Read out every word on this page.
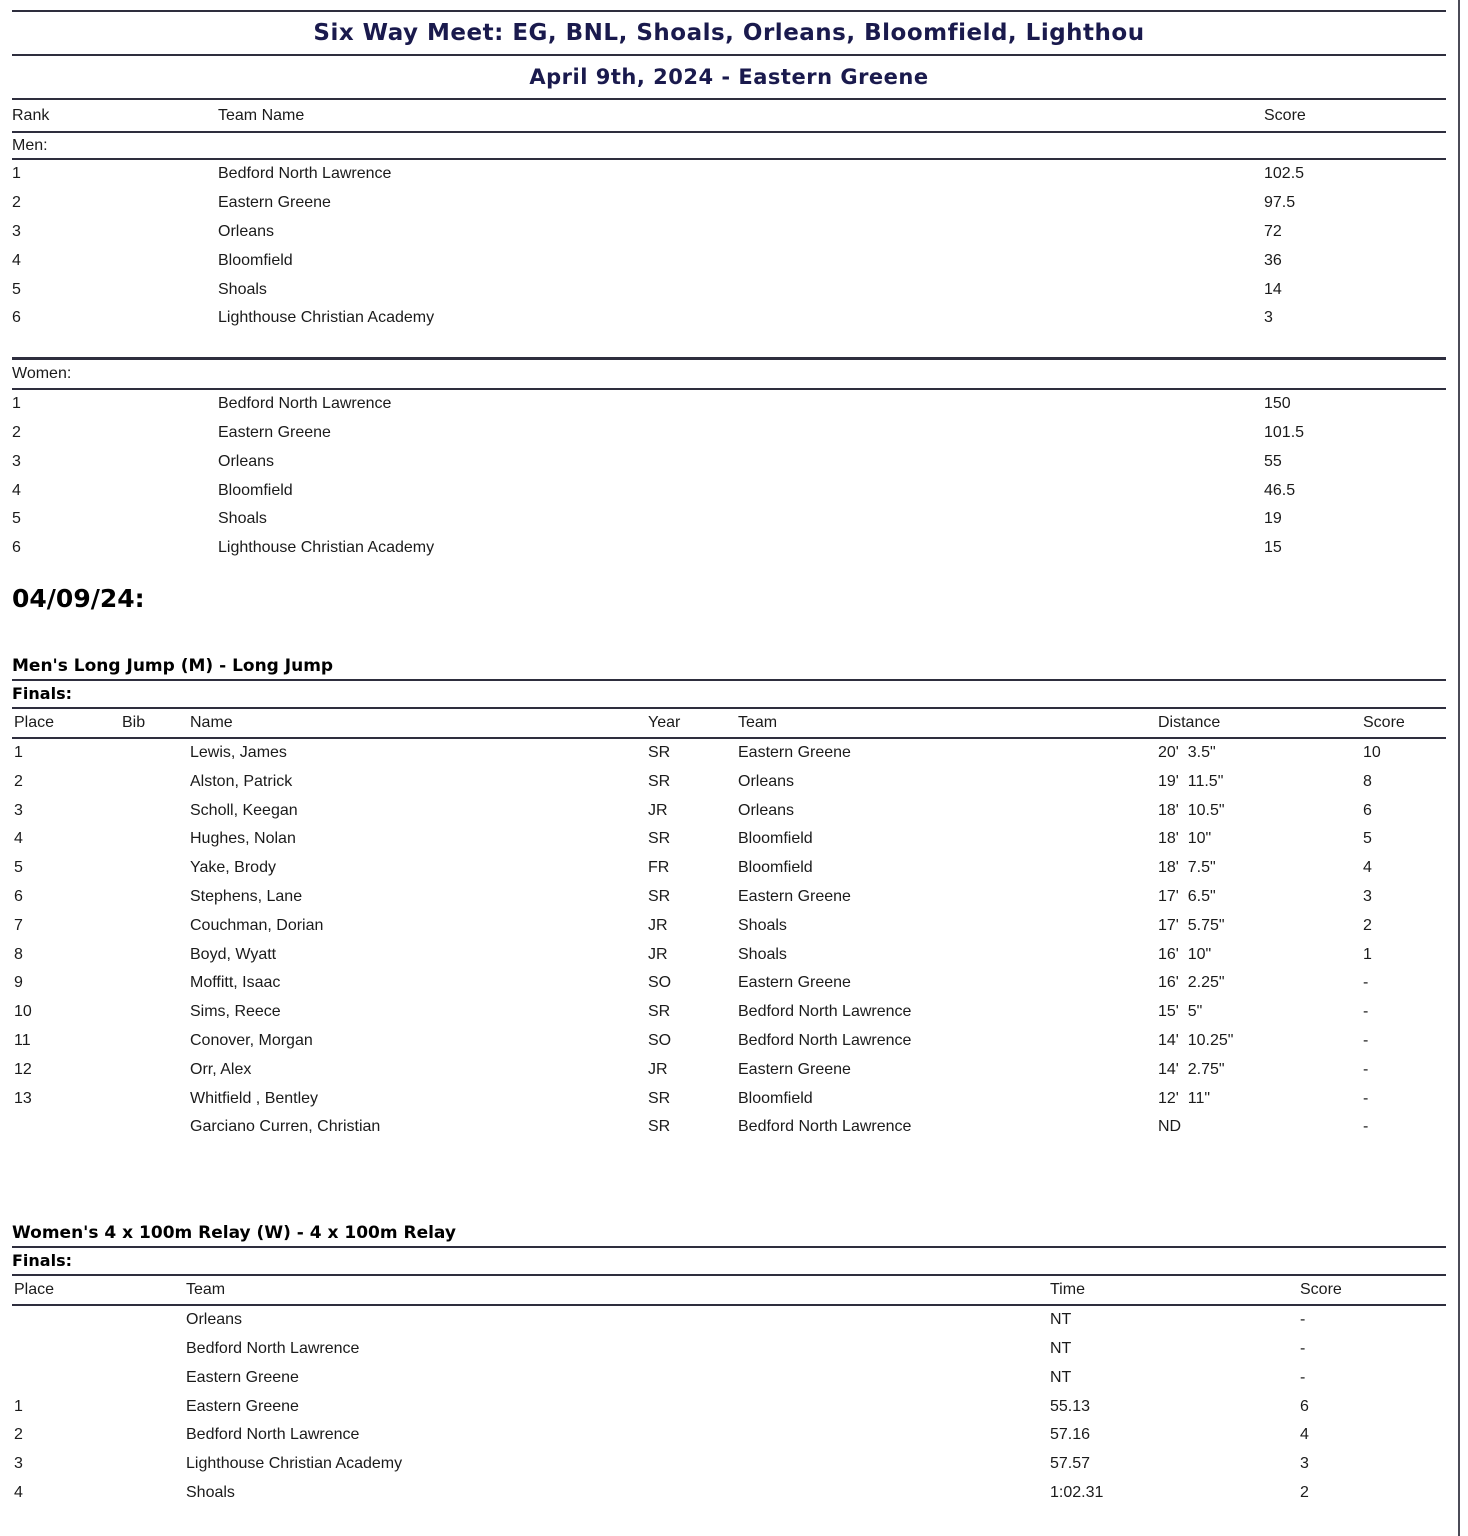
Six Way Meet: EG, BNL, Shoals, Orleans, Bloomfield, Lighthou
April 9th, 2024 - Eastern Greene
Rank	Team Name	Score
Men:
1	Bedford North Lawrence	102.5
2	Eastern Greene	97.5
3	Orleans	72
4	Bloomfield	36
5	Shoals	14
6	Lighthouse Christian Academy	3
Women:
1	Bedford North Lawrence	150
2	Eastern Greene	101.5
3	Orleans	55
4	Bloomfield	46.5
5	Shoals	19
6	Lighthouse Christian Academy	15
04/09/24:
Men's Long Jump (M) - Long Jump
Finals:
Place	Bib	Name	Year	Team	Distance	Score
1	Lewis, James	SR	Eastern Greene	20'  3.5"	10
2	Alston, Patrick	SR	Orleans	19'  11.5"	8
3	Scholl, Keegan	JR	Orleans	18'  10.5"	6
4	Hughes, Nolan	SR	Bloomfield	18'  10"	5
5	Yake, Brody	FR	Bloomfield	18'  7.5"	4
6	Stephens, Lane	SR	Eastern Greene	17'  6.5"	3
7	Couchman, Dorian	JR	Shoals	17'  5.75"	2
8	Boyd, Wyatt	JR	Shoals	16'  10"	1
9	Moffitt, Isaac	SO	Eastern Greene	16'  2.25"	-
10	Sims, Reece	SR	Bedford North Lawrence	15'  5"	-
11	Conover, Morgan	SO	Bedford North Lawrence	14'  10.25"	-
12	Orr, Alex	JR	Eastern Greene	14'  2.75"	-
13	Whitfield , Bentley	SR	Bloomfield	12'  11"	-
Garciano Curren, Christian	SR	Bedford North Lawrence	ND	-
Women's 4 x 100m Relay (W) - 4 x 100m Relay
Finals:
Place	Team	Time	Score
Orleans	NT	-
Bedford North Lawrence	NT	-
Eastern Greene	NT	-
1	Eastern Greene	55.13	6
2	Bedford North Lawrence	57.16	4
3	Lighthouse Christian Academy	57.57	3
4	Shoals	1:02.31	2
